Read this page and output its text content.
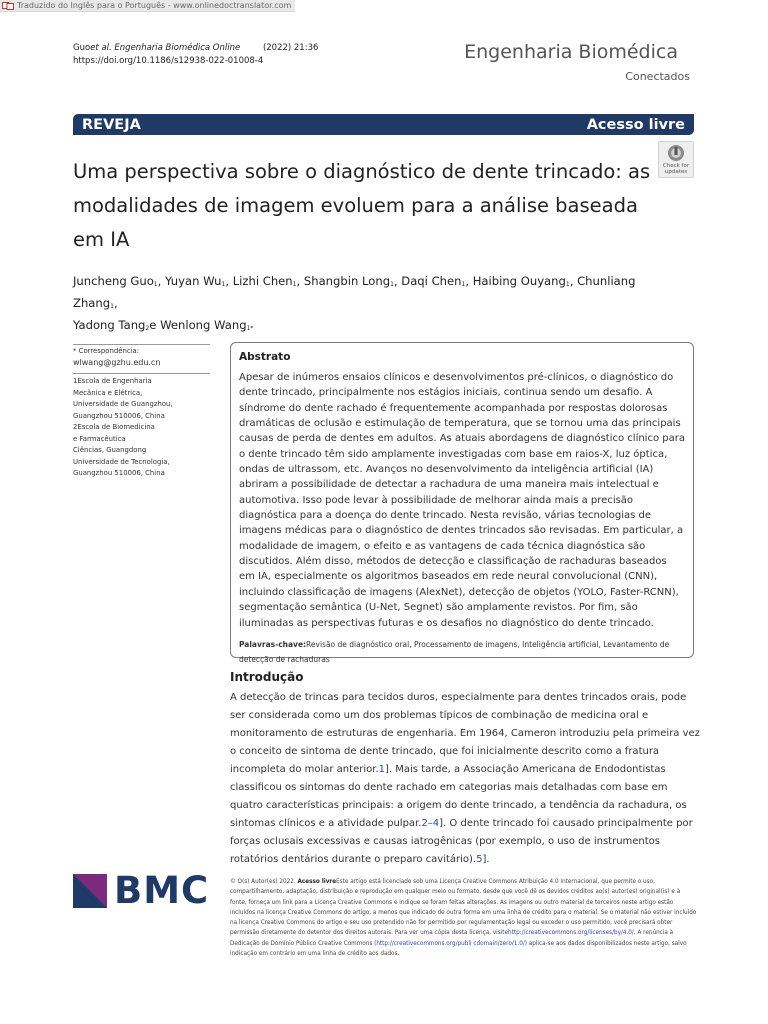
Traduzido do Inglês para o Português - www.onlinedoctranslator.com
Guoet al. Engenharia Biomédica Online	(2022) 21:36
https://doi.org/10.1186/s12938-022-01008-4	Engenharia Biomédica
Conectados
REVEJA	Acesso livre
Check for
updates
Uma perspectiva sobre o diagnóstico de dente trincado: as
modalidades de imagem evoluem para a análise baseada em IA
Juncheng Guo$_1$, Yuyan $Wu_1$, Lizhi Chen$_1$, Shangbin Long$_1$, Daqi Chen$_1$, Haibing Ouyang$_1$, Chunliang Zhang$_1$,
Yadong Tang$_2$e Wenlong Wang$_{1*}$
* Correspondência:
wlwang@gzhu.edu.cn
1Escola de Engenharia
Mecânica e Elétrica,
Universidade de Guangzhou,
Guangzhou 510006, China
2Escola de Biomedicina
e Farmacêutica
Ciências, Guangdong
Universidade de Tecnologia,
Guangzhou 510006, China
Abstrato
Apesar de inúmeros ensaios clínicos e desenvolvimentos pré-clínicos, o diagnóstico do dente trincado, principalmente nos estágios iniciais, continua sendo um desafio. A síndrome do dente rachado é frequentemente acompanhada por respostas dolorosas dramáticas de oclusão e estimulação de temperatura, que se tornou uma das principais causas de perda de dentes em adultos. As atuais abordagens de diagnóstico clínico para o dente trincado têm sido amplamente investigadas com base em raios-X, luz óptica, ondas de ultrassom, etc. Avanços no desenvolvimento da inteligência artificial (IA) abriram a possibilidade de detectar a rachadura de uma maneira mais intelectual e automotiva. Isso pode levar à possibilidade de melhorar ainda mais a precisão diagnóstica para a doença do dente trincado. Nesta revisão, várias tecnologias de imagens médicas para o diagnóstico de dentes trincados são revisadas. Em particular, a modalidade de imagem, o efeito e as vantagens de cada técnica diagnóstica são discutidos. Além disso, métodos de detecção e classificação de rachaduras baseados em IA, especialmente os algoritmos baseados em rede neural convolucional (CNN), incluindo classificação de imagens (AlexNet), detecção de objetos (YOLO, Faster-RCNN), segmentação semântica (U-Net, Segnet) são amplamente revistos. Por fim, são iluminadas as perspectivas futuras e os desafios no diagnóstico do dente trincado.
Palavras-chave:Revisão de diagnóstico oral, Processamento de imagens, Inteligência artificial, Levantamento de detecção de rachaduras
Introdução
A detecção de trincas para tecidos duros, especialmente para dentes trincados orais, pode ser considerada como um dos problemas típicos de combinação de medicina oral e monitoramento de estruturas de engenharia. Em 1964, Cameron introduziu pela primeira vez o conceito de sintoma de dente trincado, que foi inicialmente descrito como a fratura incompleta do molar anterior.1]. Mais tarde, a Associação Americana de Endodontistas classificou os sintomas do dente rachado em categorias mais detalhadas com base em quatro características principais: a origem do dente trincado, a tendência da rachadura, os sintomas clínicos e a atividade pulpar.2–4]. O dente trincado foi causado principalmente por forças oclusais excessivas e causas iatrogênicas (por exemplo, o uso de instrumentos rotatórios dentários durante o preparo cavitário).5].
BMC	© O(s) Autor(es) 2022. Acesso livreEste artigo está licenciado sob uma Licença Creative Commons Atribuição 4.0 Internacional, que permite o uso, compartilhamento, adaptação, distribuição e reprodução em qualquer meio ou formato, desde que você dê os devidos créditos ao(s) autor(es) original(is) e à fonte, forneça um link para a Licença Creative Commons e indique se foram feitas alterações. As imagens ou outro material de terceiros neste artigo estão incluídos na licença Creative Commons do artigo, a menos que indicado de outra forma em uma linha de crédito para o material. Se o material não estiver incluído na licença Creative Commons do artigo e seu uso pretendido não for permitido por regulamentação legal ou exceder o uso permitido, você precisará obter permissão diretamente do detentor dos direitos autorais. Para ver uma cópia desta licença, visitehttp://creativecommons.org/licenses/by/4.0/. A renúncia à Dedicação de Domínio Público Creative Commons (http://creativecommons.org/publi cdomain/zero/1.0/) aplica-se aos dados disponibilizados neste artigo, salvo indicação em contrário em uma linha de crédito aos dados.
